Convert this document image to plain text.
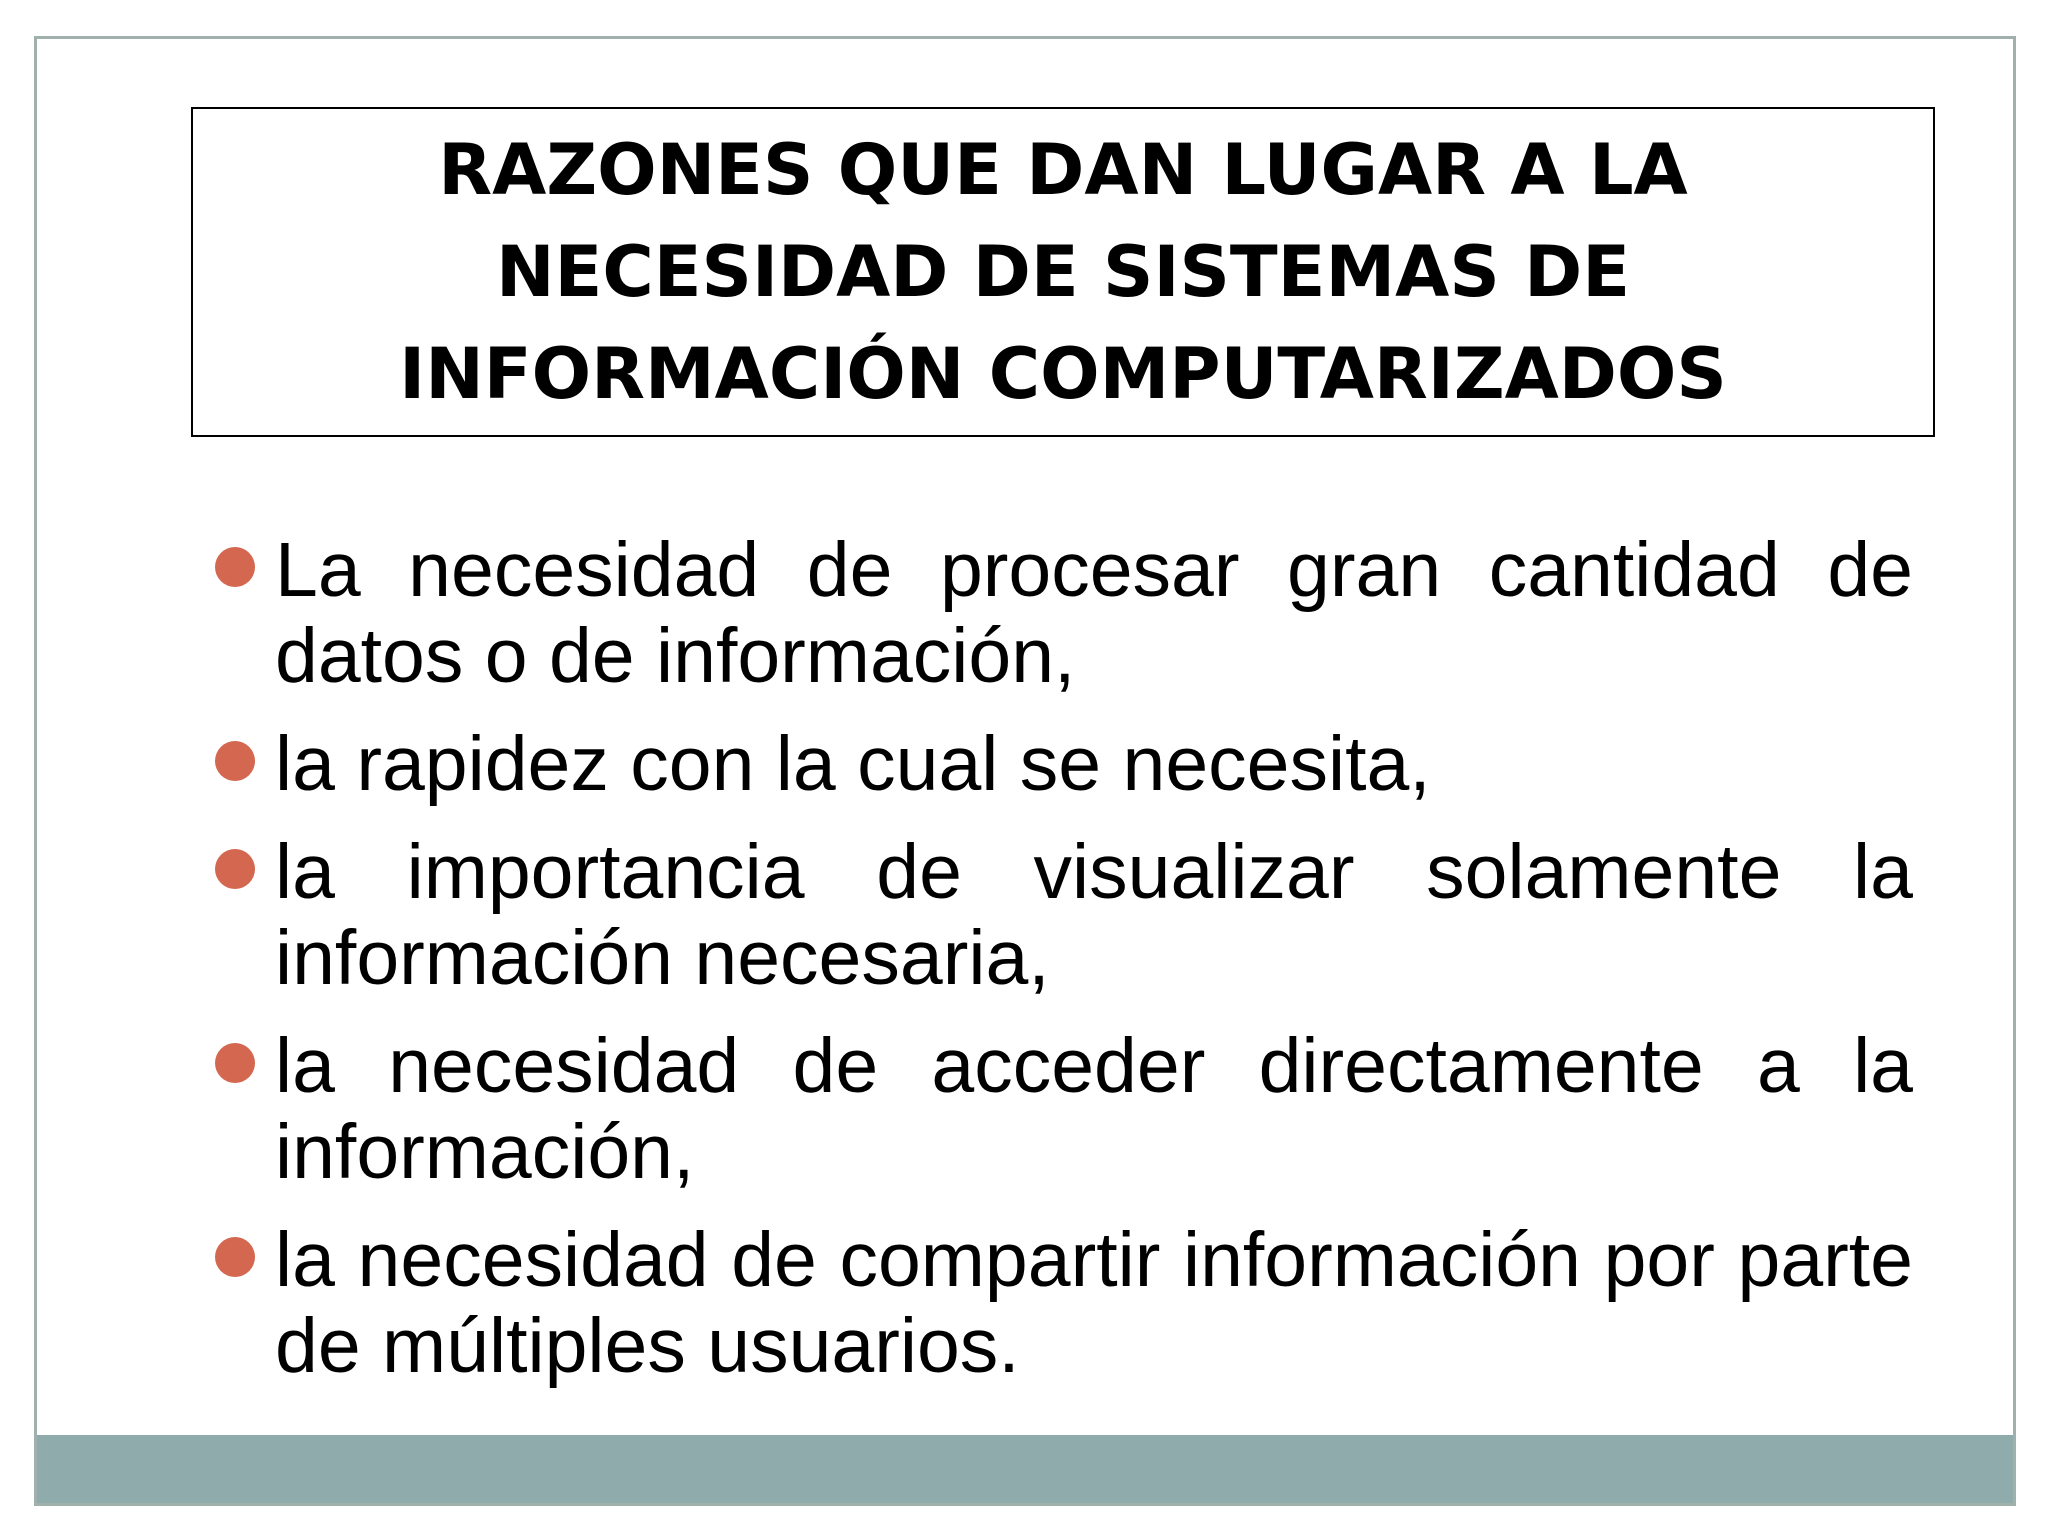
RAZONES QUE DAN LUGAR A LA
NECESIDAD DE SISTEMAS DE
INFORMACIÓN COMPUTARIZADOS
La necesidad de procesar gran cantidad de datos o de información,
la rapidez con la cual se necesita,
la importancia de visualizar solamente la información necesaria,
la necesidad de acceder directamente a la información,
la necesidad de compartir información por parte de múltiples usuarios.
